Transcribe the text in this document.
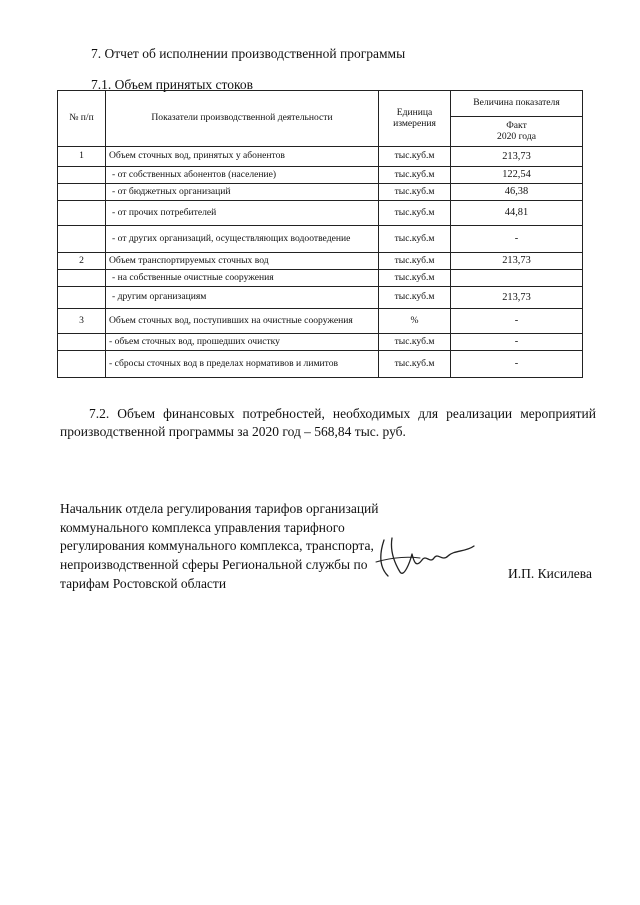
7. Отчет об исполнении производственной программы
7.1. Объем принятых стоков
№ п/п	Показатели производственной деятельности	Единица измерения	Величина показателя

			Факт
2020 года

1	Объем сточных вод, принятых у абонентов	тыс.куб.м	213,73
	- от собственных абонентов (население)	тыс.куб.м	122,54
	- от бюджетных организаций	тыс.куб.м	46,38
	- от прочих потребителей	тыс.куб.м	44,81
	- от других организаций, осуществляющих водоотведение	тыс.куб.м	-
2	Объем транспортируемых сточных вод	тыс.куб.м	213,73
	- на собственные очистные сооружения	тыс.куб.м	
	- другим организациям	тыс.куб.м	213,73
3	Объем сточных вод, поступивших на очистные сооружения	%	-
	- объем сточных вод, прошедших очистку	тыс.куб.м	-
	- сбросы сточных вод в пределах нормативов и лимитов	тыс.куб.м	-
7.2. Объем финансовых потребностей, необходимых для реализации мероприятий производственной программы за 2020 год – 568,84 тыс. руб.
Начальник отдела регулирования тарифов организаций коммунального комплекса управления тарифного регулирования коммунального комплекса, транспорта, непроизводственной сферы Региональной службы по тарифам Ростовской области
И.П. Кисилева
